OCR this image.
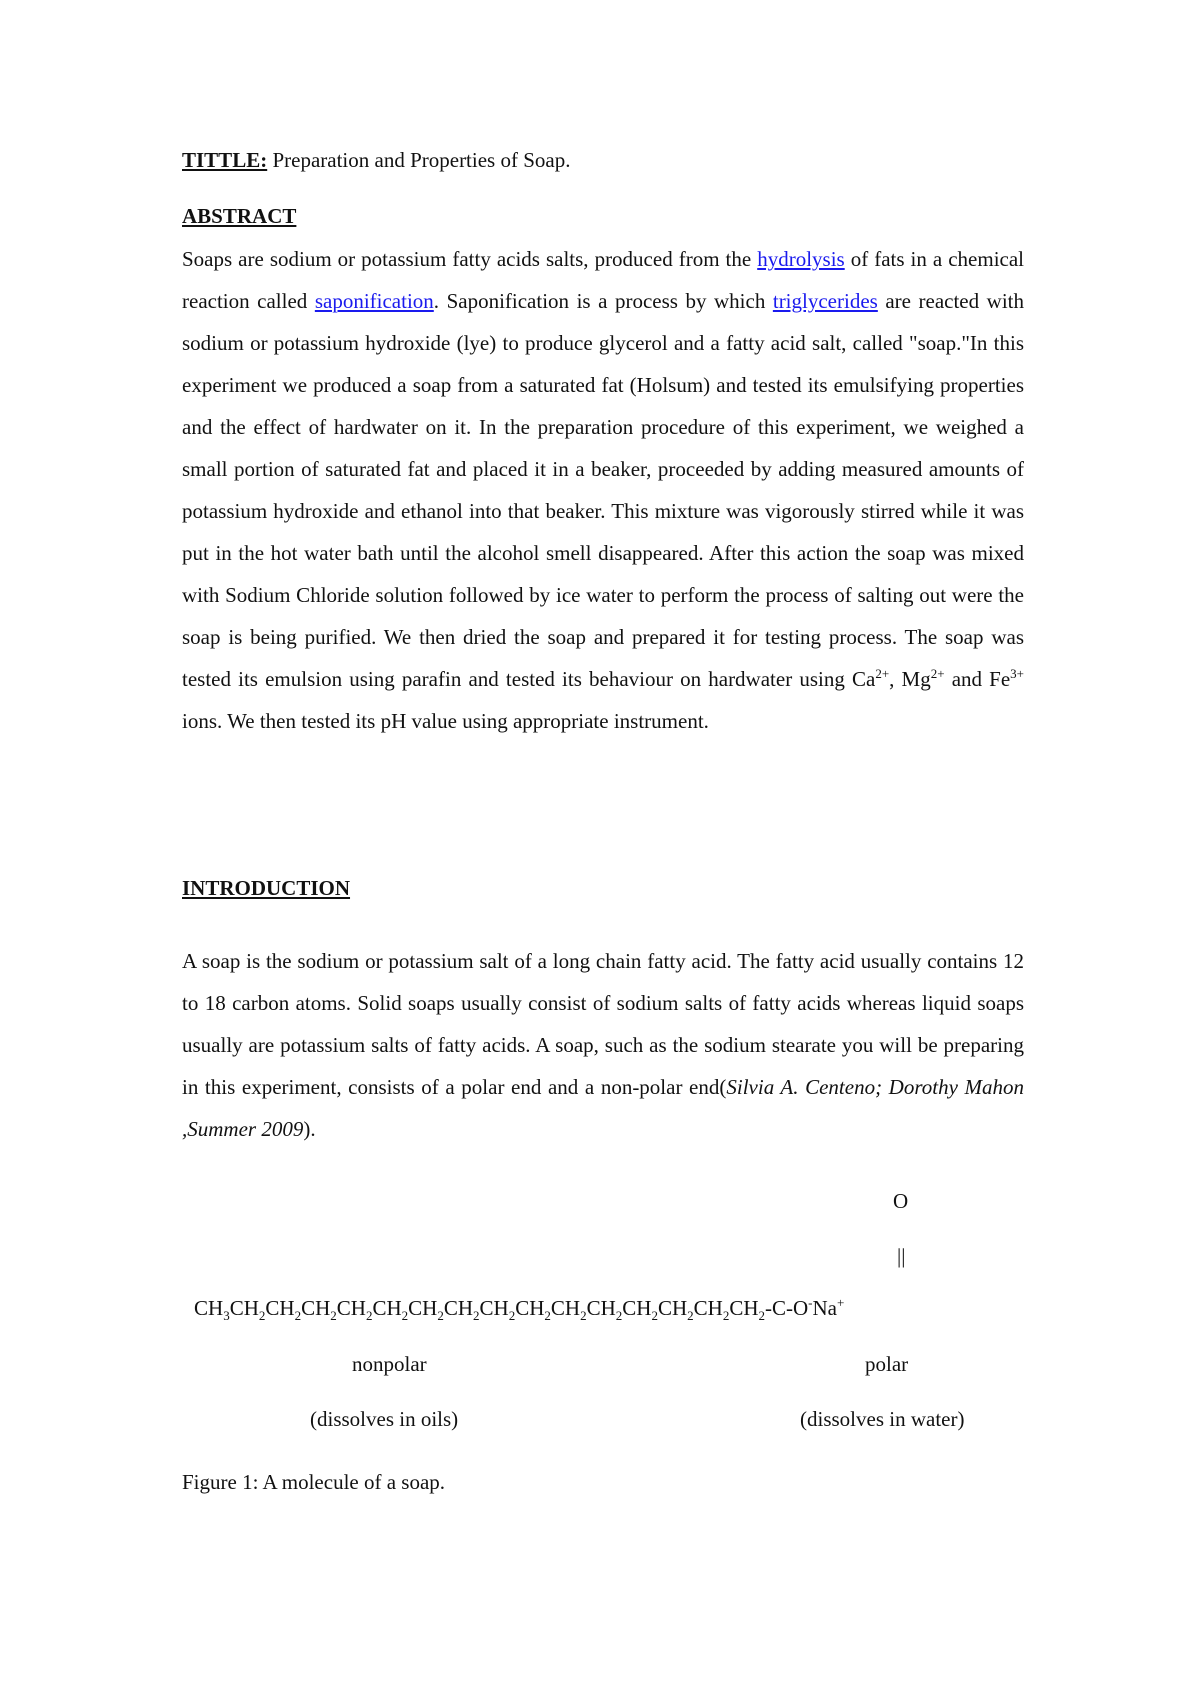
TITTLE: Preparation and Properties of Soap.
ABSTRACT
Soaps are sodium or potassium fatty acids salts, produced from the hydrolysis of fats in a chemical reaction called saponification. Saponification is a process by which triglycerides are reacted with sodium or potassium hydroxide (lye) to produce glycerol and a fatty acid salt, called "soap."In this experiment we produced a soap from a saturated fat (Holsum) and tested its emulsifying properties and the effect of hardwater on it. In the preparation procedure of this experiment, we weighed a small portion of saturated fat and placed it in a beaker, proceeded by adding measured amounts of potassium hydroxide and ethanol into that beaker. This mixture was vigorously stirred while it was put in the hot water bath until the alcohol smell disappeared. After this action the soap was mixed with Sodium Chloride solution followed by ice water to perform the process of salting out were the soap is being purified. We then dried the soap and prepared it for testing process. The soap was tested its emulsion using parafin and tested its behaviour on hardwater using $Ca^{2+}$, $Mg^{2+}$ and $Fe^{3+}$ ions. We then tested its pH value using appropriate instrument.
INTRODUCTION
A soap is the sodium or potassium salt of a long chain fatty acid. The fatty acid usually contains 12 to 18 carbon atoms. Solid soaps usually consist of sodium salts of fatty acids whereas liquid soaps usually are potassium salts of fatty acids. A soap, such as the sodium stearate you will be preparing in this experiment, consists of a polar end and a non-polar end(Silvia A. Centeno; Dorothy Mahon ,Summer 2009).
O
||
$CH_3CH_2CH_2CH_2CH_2CH_2CH_2CH_2CH_2CH_2CH_2CH_2CH_2CH_2CH_2CH_2-C-O^-Na^+$
nonpolar	polar
(dissolves in oils)	(dissolves in water)
Figure 1: A molecule of a soap.
